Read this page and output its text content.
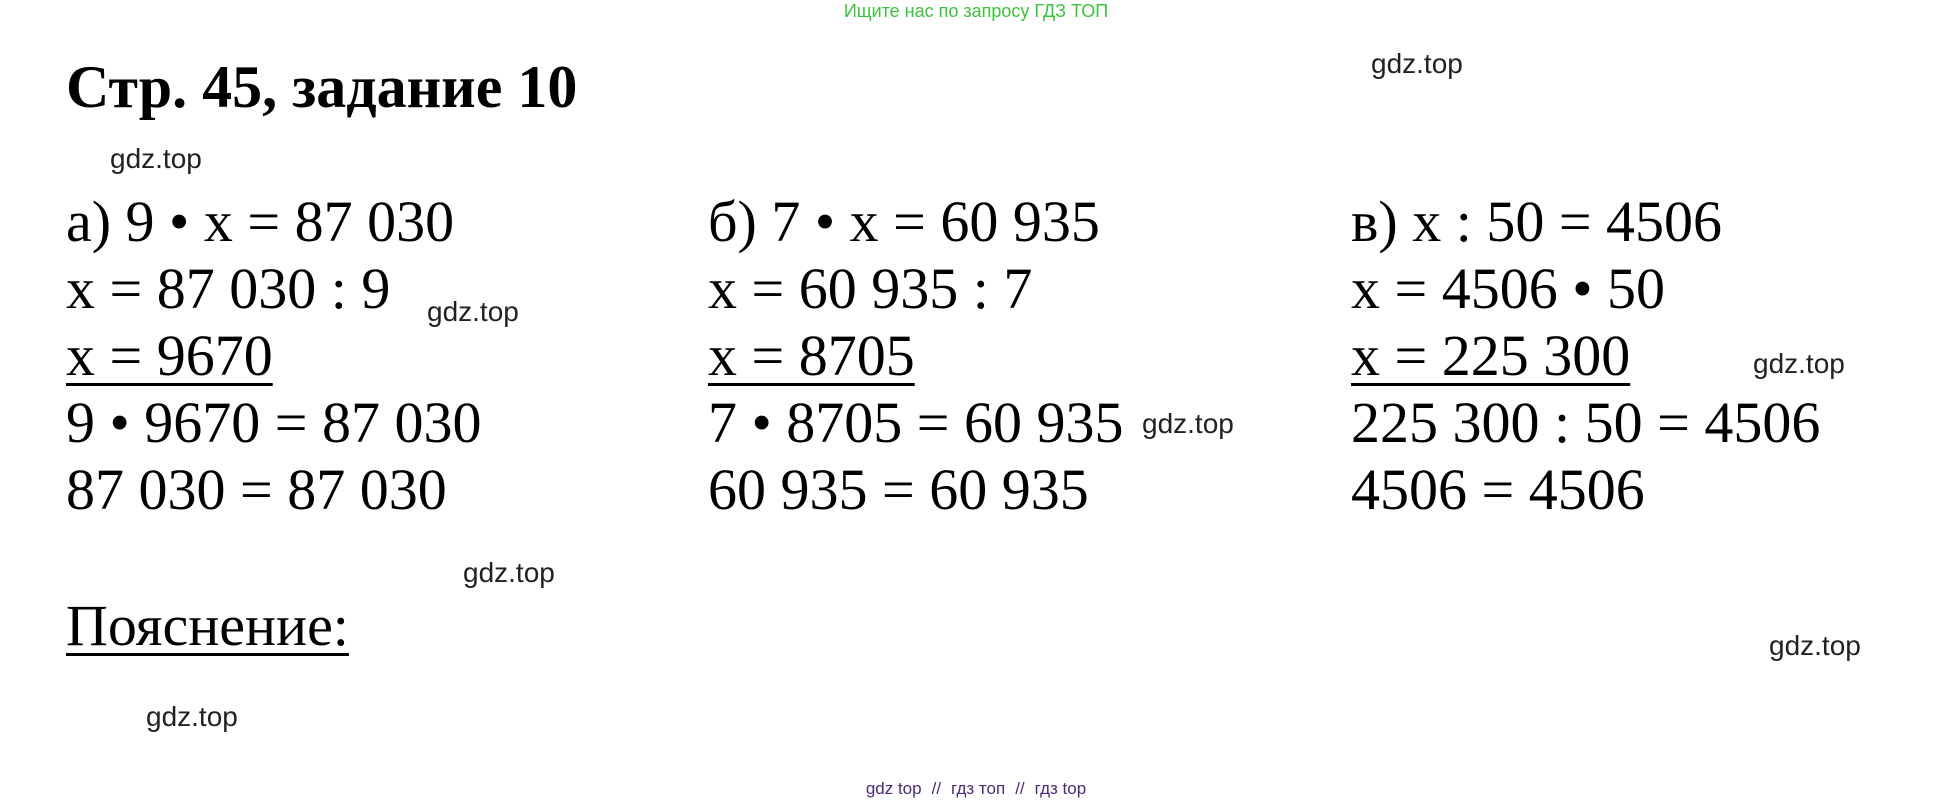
Ищите нас по запросу ГДЗ ТОП
Стр. 45, задание 10
а) 9 • x = 87 030
x = 87 030 : 9
x = 9670
9 • 9670 = 87 030
87 030 = 87 030
б) 7 • x = 60 935
x = 60 935 : 7
x = 8705
7 • 8705 = 60 935
60 935 = 60 935
в) x : 50 = 4506
x = 4506 • 50
x = 225 300
225 300 : 50 = 4506
4506 = 4506
Пояснение:
gdz.top
gdz.top
gdz.top
gdz.top
gdz.top
gdz.top
gdz.top
gdz.top
gdz top // гдз топ // гдз top
